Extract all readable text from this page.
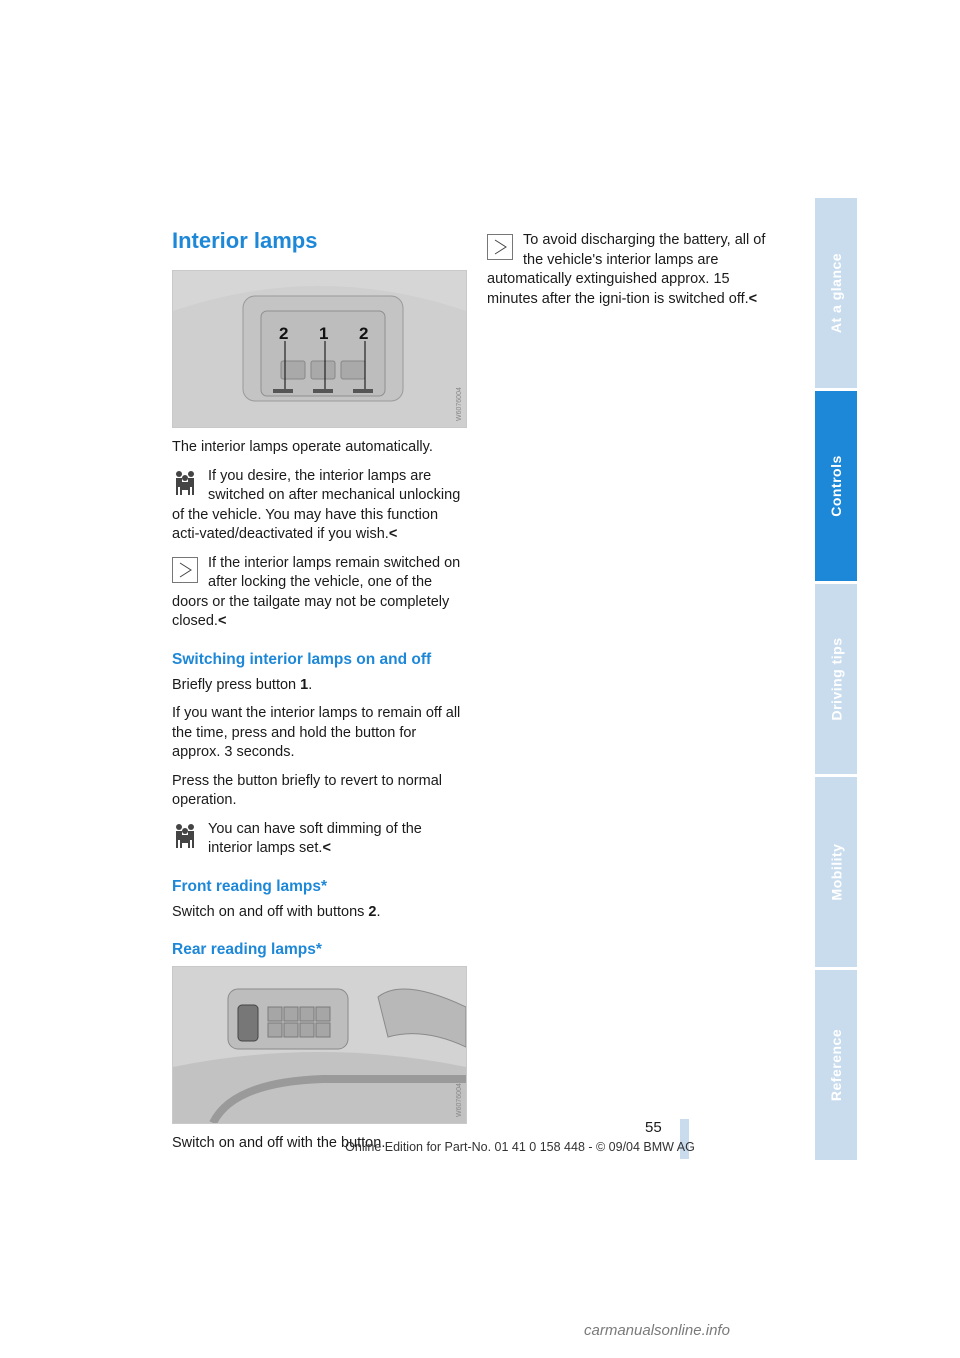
Interior lamps
2 1 2
W6076004

The interior lamps operate automatically.

If you desire, the interior lamps are switched on after mechanical unlocking of the vehicle. You may have this function acti-vated/deactivated if you wish.<
If the interior lamps remain switched on after locking the vehicle, one of the doors or the tailgate may not be completely closed.<
Switching interior lamps on and off

Briefly press button 1.

If you want the interior lamps to remain off all the time, press and hold the button for approx. 3 seconds.

Press the button briefly to revert to normal operation.

You can have soft dimming of the interior lamps set.<
Front reading lamps*

Switch on and off with buttons 2.

Rear reading lamps*
W6076004

Switch on and off with the button.

To avoid discharging the battery, all of the vehicle's interior lamps are automatically extinguished approx. 15 minutes after the igni-tion is switched off.<	At a glance
Controls
Driving tips
Mobility
Reference
55
Online Edition for Part-No. 01 41 0 158 448 - © 09/04 BMW AG
carmanualsonline.info
